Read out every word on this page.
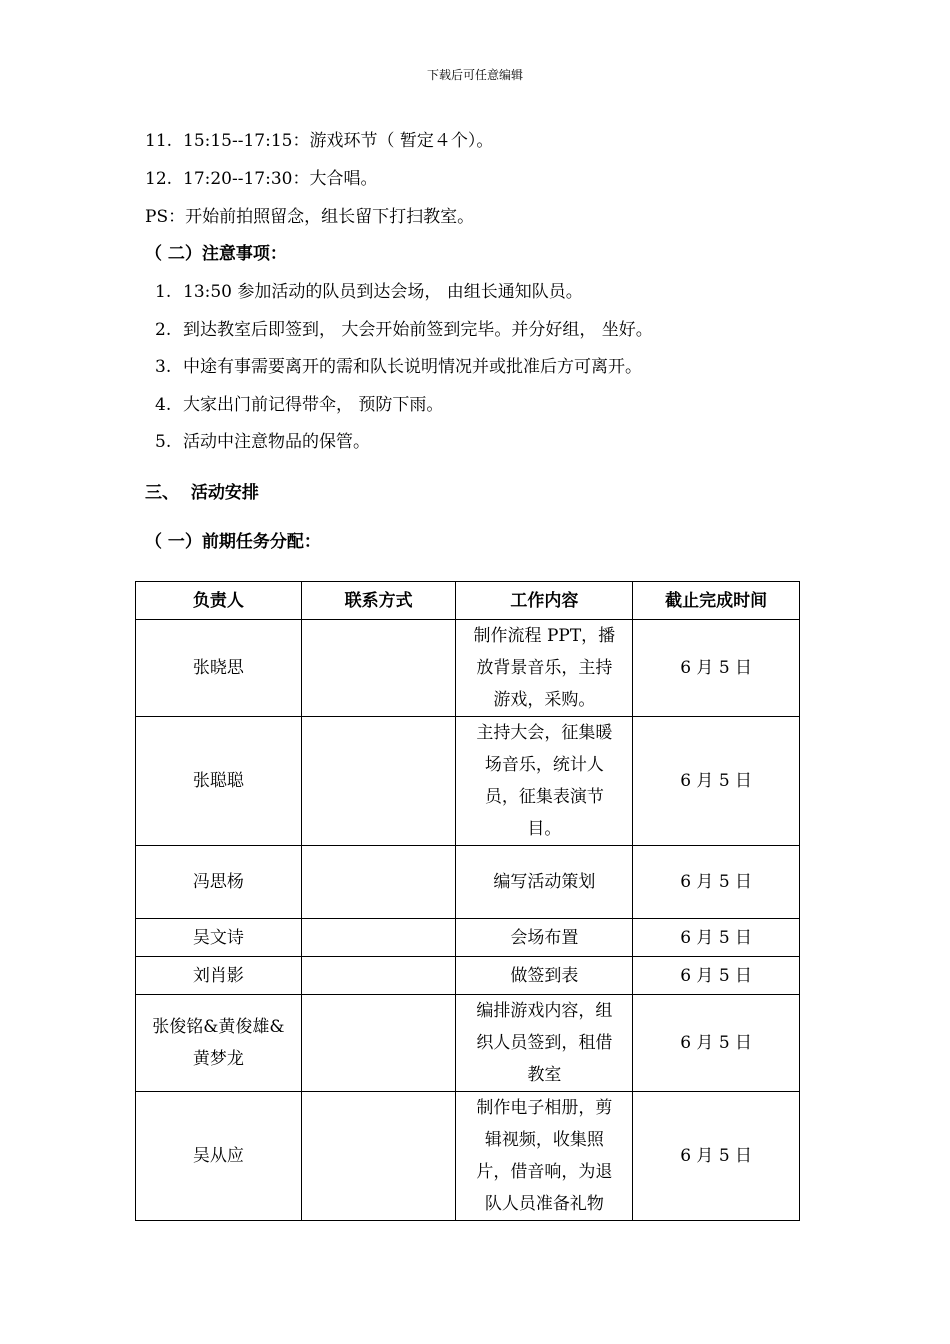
下载后可任意编辑
11. 15:15--17:15：游戏环节（ 暂定４个）。
12. 17:20--17:30：大合唱。
PS：开始前拍照留念，组长留下打扫教室。
（ 二）注意事项：
1. 13:50 参加活动的队员到达会场， 由组长通知队员。
2. 到达教室后即签到， 大会开始前签到完毕。并分好组， 坐好。
3. 中途有事需要离开的需和队长说明情况并或批准后方可离开。
4. 大家出门前记得带伞， 预防下雨。
5. 活动中注意物品的保管。
三、  活动安排
（ 一）前期任务分配：
负责人	联系方式	工作内容	截止完成时间
张晓思		制作流程 PPT，播放背景音乐，主持游戏，采购。	6 月 5 日
张聪聪		主持大会，征集暖场音乐，统计人员，征集表演节目。	6 月 5 日
冯思杨		编写活动策划	6 月 5 日
吴文诗		会场布置	6 月 5 日
刘肖影		做签到表	6 月 5 日
张俊铭&黄俊雄&黄梦龙		编排游戏内容，组织人员签到，租借教室	6 月 5 日
吴从应		制作电子相册，剪辑视频，收集照片，借音响，为退队人员准备礼物	6 月 5 日
